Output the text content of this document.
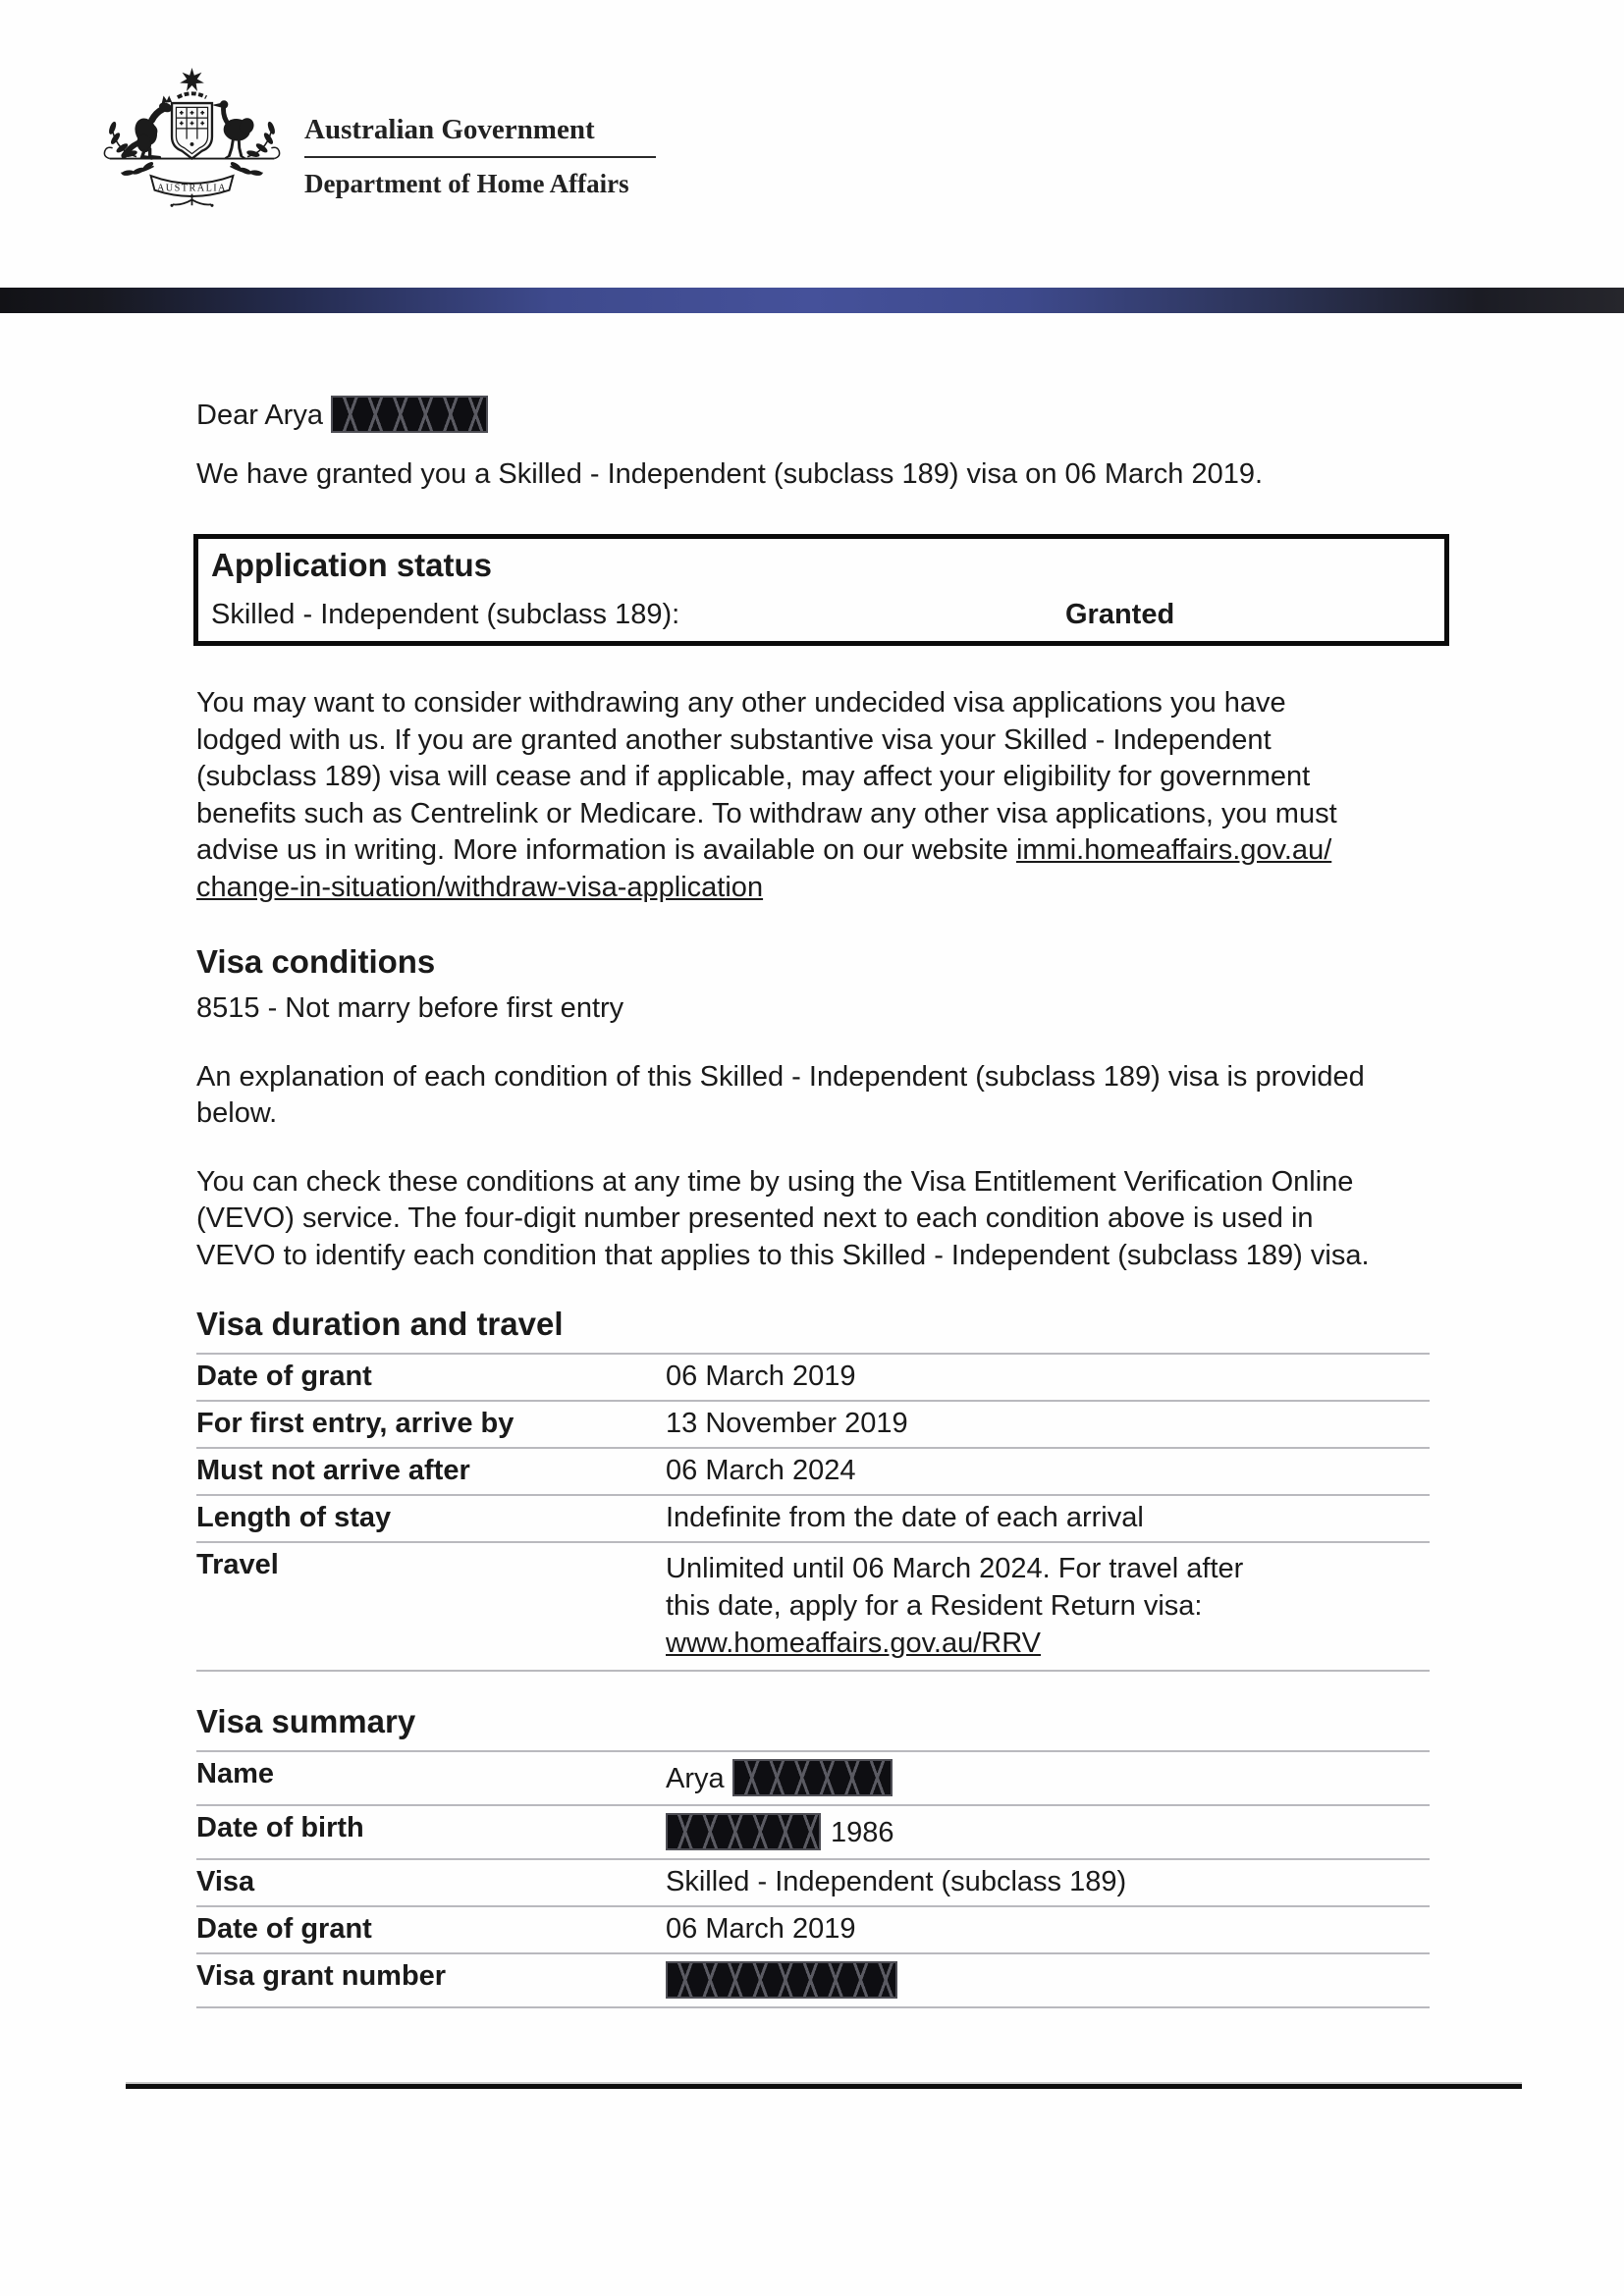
AUSTRALIA
Australian Government
Department of Home Affairs
Dear Arya
We have granted you a Skilled - Independent (subclass 189) visa on 06 March 2019.
Application status
Skilled - Independent (subclass 189):	Granted
You may want to consider withdrawing any other undecided visa applications you have
lodged with us. If you are granted another substantive visa your Skilled - Independent
(subclass 189) visa will cease and if applicable, may affect your eligibility for government
benefits such as Centrelink or Medicare. To withdraw any other visa applications, you must
advise us in writing. More information is available on our website immi.homeaffairs.gov.au/
change-in-situation/withdraw-visa-application
Visa conditions
8515 - Not marry before first entry
An explanation of each condition of this Skilled - Independent (subclass 189) visa is provided
below.
You can check these conditions at any time by using the Visa Entitlement Verification Online
(VEVO) service. The four-digit number presented next to each condition above is used in
VEVO to identify each condition that applies to this Skilled - Independent (subclass 189) visa.
Visa duration and travel
Date of grant	06 March 2019
For first entry, arrive by	13 November 2019
Must not arrive after	06 March 2024
Length of stay	Indefinite from the date of each arrival
Travel	Unlimited until 06 March 2024. For travel after
this date, apply for a Resident Return visa:
www.homeaffairs.gov.au/RRV
Visa summary
Name	Arya
Date of birth	1986
Visa	Skilled - Independent (subclass 189)
Date of grant	06 March 2019
Visa grant number
